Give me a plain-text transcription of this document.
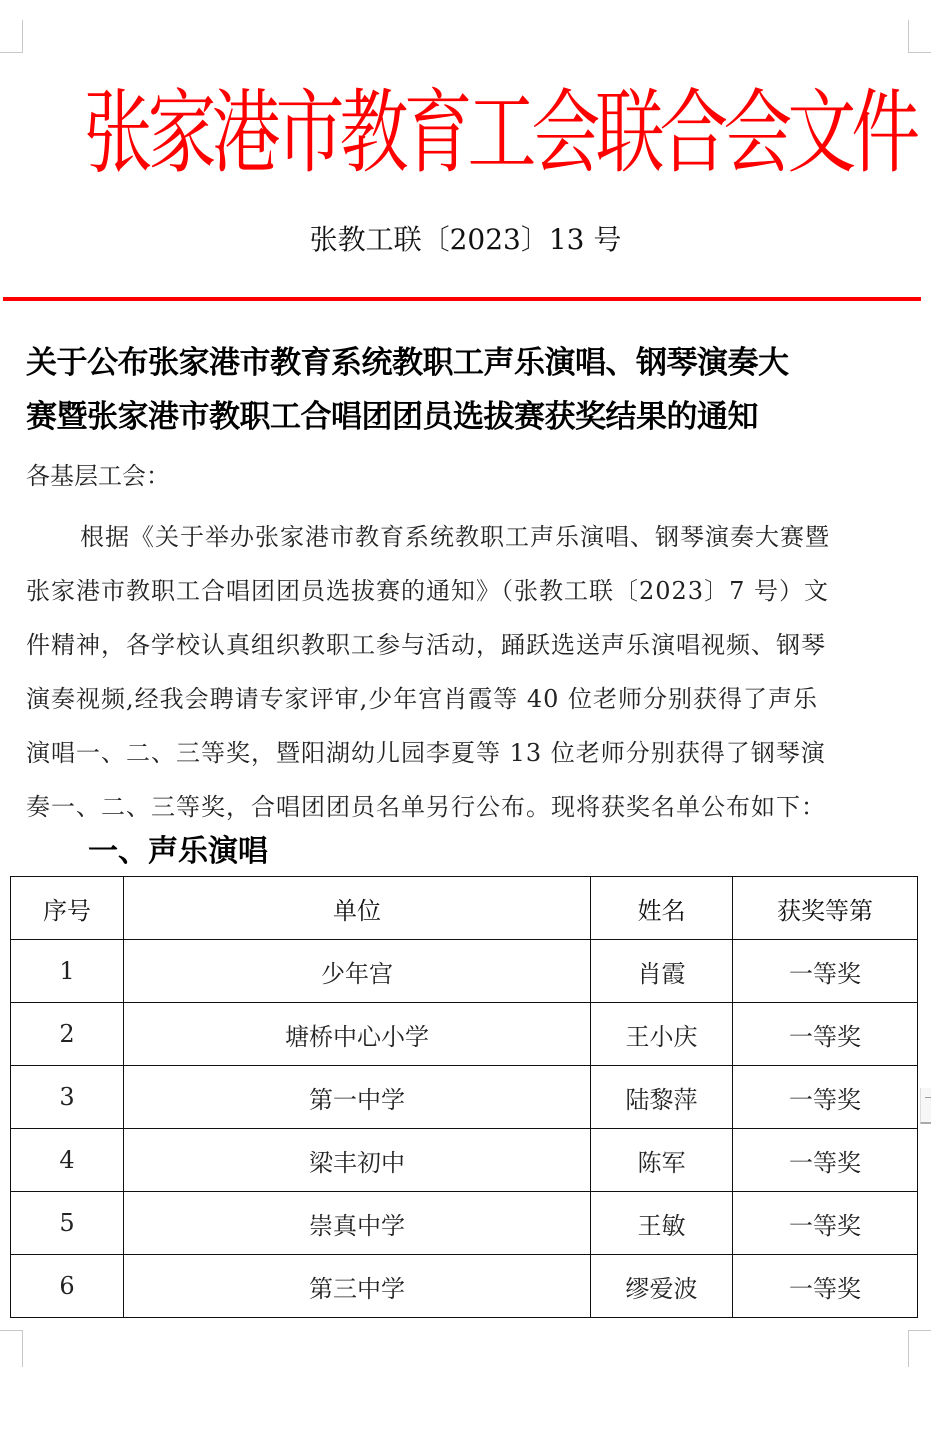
张家港市教育工会联合会文件
张教工联〔2023〕13 号
关于公布张家港市教育系统教职工声乐演唱、钢琴演奏大
赛暨张家港市教职工合唱团团员选拔赛获奖结果的通知
各基层工会：
根据《关于举办张家港市教育系统教职工声乐演唱、钢琴演奏大赛暨
张家港市教职工合唱团团员选拔赛的通知》（张教工联〔2023〕7 号）文
件精神，各学校认真组织教职工参与活动，踊跃选送声乐演唱视频、钢琴
演奏视频,经我会聘请专家评审,少年宫肖霞等 40 位老师分别获得了声乐
演唱一、二、三等奖，暨阳湖幼儿园李夏等 13 位老师分别获得了钢琴演
奏一、二、三等奖，合唱团团员名单另行公布。现将获奖名单公布如下：
一、声乐演唱
序号	单位	姓名	获奖等第
1	少年宫	肖霞	一等奖
2	塘桥中心小学	王小庆	一等奖
3	第一中学	陆黎萍	一等奖
4	梁丰初中	陈军	一等奖
5	崇真中学	王敏	一等奖
6	第三中学	缪爱波	一等奖
